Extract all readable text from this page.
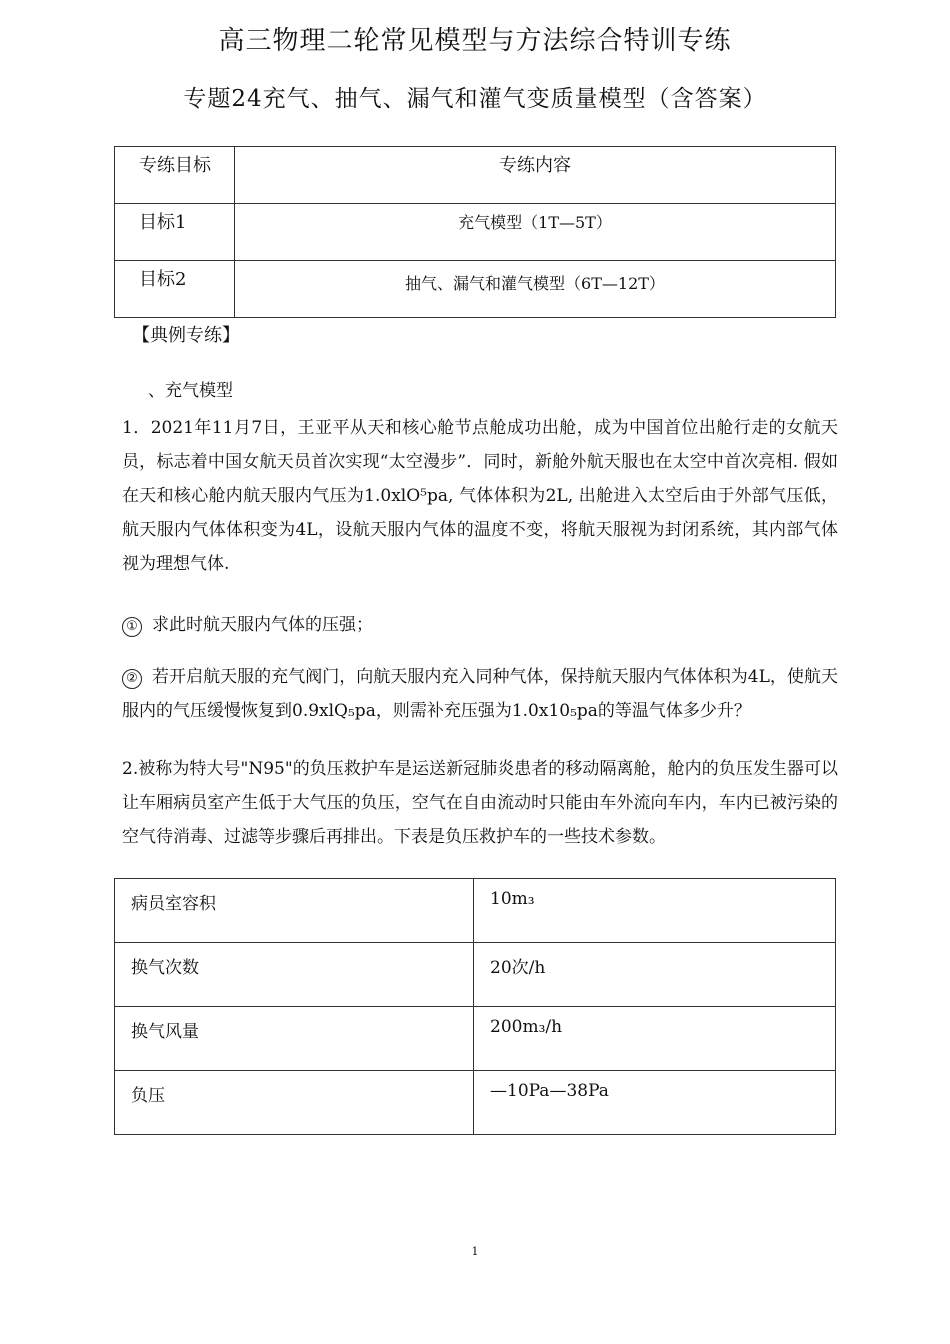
高三物理二轮常见模型与方法综合特训专练
专题24充气、抽气、漏气和灌气变质量模型（含答案）
专练目标	专练内容
目标1	充气模型（1T—5T）
目标2	抽气、漏气和灌气模型（6T—12T）
【典例专练】
、充气模型
1．2021年11月7日，王亚平从天和核心舱节点舱成功出舱，成为中国首位出舱行走的女航天员，标志着中国女航天员首次实现“太空漫步”．同时，新舱外航天服也在太空中首次亮相. 假如在天和核心舱内航天服内气压为1.0xlO⁵pa, 气体体积为2L, 出舱进入太空后由于外部气压低，航天服内气体体积变为4L，设航天服内气体的温度不变，将航天服视为封闭系统，其内部气体视为理想气体.
① 求此时航天服内气体的压强；
② 若开启航天服的充气阀门，向航天服内充入同种气体，保持航天服内气体体积为4L，使航天服内的气压缓慢恢复到0.9xlQ₅pa，则需补充压强为1.0x10₅pa的等温气体多少升？
2.被称为特大号"N95"的负压救护车是运送新冠肺炎患者的移动隔离舱，舱内的负压发生器可以让车厢病员室产生低于大气压的负压，空气在自由流动时只能由车外流向车内，车内已被污染的空气待消毒、过滤等步骤后再排出。下表是负压救护车的一些技术参数。
病员室容积	10m₃
换气次数	20次/h
换气风量	200m₃/h
负压	—10Pa—38Pa
1
